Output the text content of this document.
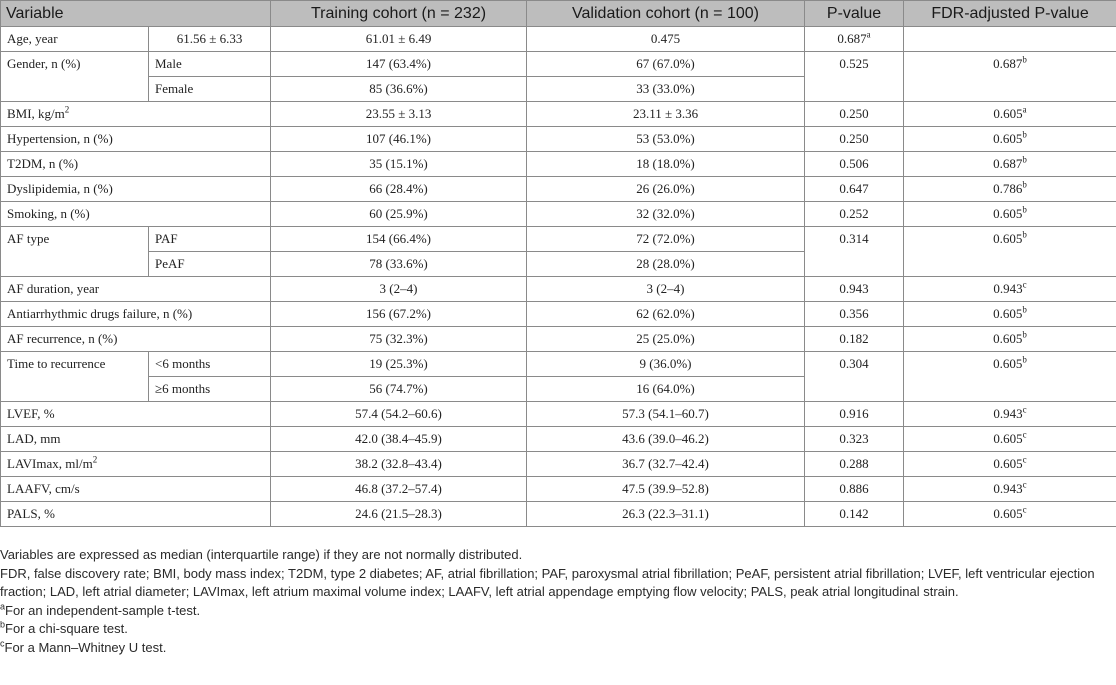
Variable		Training cohort (n = 232)	Validation cohort (n = 100)	P-value	FDR-adjusted P-value
Age, year	61.56 ± 6.33	61.01 ± 6.49	0.475	0.687$^a$	
Gender, n (%)	Male	147 (63.4%)	67 (67.0%)	0.525	0.687$^b$
	Female	85 (36.6%)	33 (33.0%)		
BMI, $kg/m^2$		23.55 ± 3.13	23.11 ± 3.36	0.250	0.605$^a$
Hypertension, n (%)		107 (46.1%)	53 (53.0%)	0.250	0.605$^b$
T2DM, n (%)		35 (15.1%)	18 (18.0%)	0.506	0.687$^b$
Dyslipidemia, n (%)		66 (28.4%)	26 (26.0%)	0.647	0.786$^b$
Smoking, n (%)		60 (25.9%)	32 (32.0%)	0.252	0.605$^b$
AF type	PAF	154 (66.4%)	72 (72.0%)	0.314	0.605$^b$
	PeAF	78 (33.6%)	28 (28.0%)		
AF duration, year		3 (2–4)	3 (2–4)	0.943	0.943$^c$
Antiarrhythmic drugs failure, n (%)		156 (67.2%)	62 (62.0%)	0.356	0.605$^b$
AF recurrence, n (%)		75 (32.3%)	25 (25.0%)	0.182	0.605$^b$
Time to recurrence	<6 months	19 (25.3%)	9 (36.0%)	0.304	0.605$^b$
	≥6 months	56 (74.7%)	16 (64.0%)		
LVEF, %		57.4 (54.2–60.6)	57.3 (54.1–60.7)	0.916	0.943$^c$
LAD, mm		42.0 (38.4–45.9)	43.6 (39.0–46.2)	0.323	0.605$^c$
LAVImax, $ml/m^2$		38.2 (32.8–43.4)	36.7 (32.7–42.4)	0.288	0.605$^c$
LAAFV, cm/s		46.8 (37.2–57.4)	47.5 (39.9–52.8)	0.886	0.943$^c$
PALS, %		24.6 (21.5–28.3)	26.3 (22.3–31.1)	0.142	0.605$^c$

Variables are expressed as median (interquartile range) if they are not normally distributed.

FDR, false discovery rate; BMI, body mass index; T2DM, type 2 diabetes; AF, atrial fibrillation; PAF, paroxysmal atrial fibrillation; PeAF, persistent atrial fibrillation; LVEF, left ventricular ejection fraction; LAD, left atrial diameter; LAVImax, left atrium maximal volume index; LAAFV, left atrial appendage emptying flow velocity; PALS, peak atrial longitudinal strain.

$^a$For an independent-sample t-test.

$^b$For a chi-square test.

$^c$For a Mann–Whitney U test.
